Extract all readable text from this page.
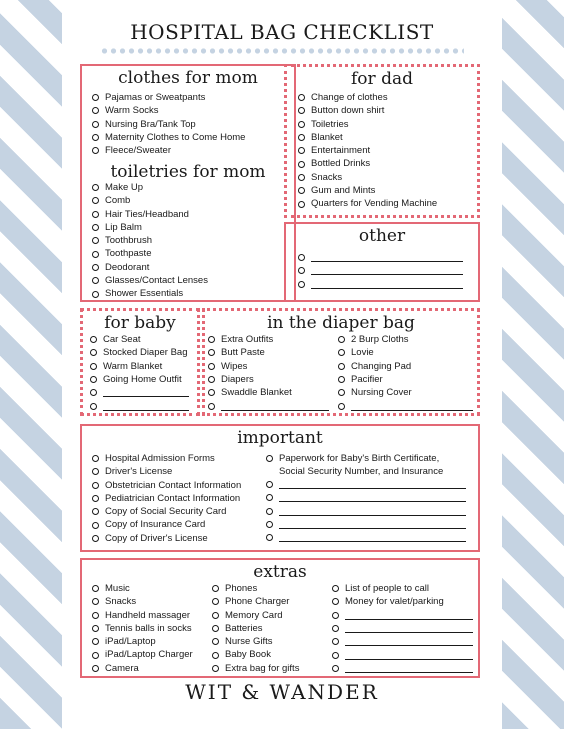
HOSPITAL BAG CHECKLIST
clothes for mom
Pajamas or Sweatpants
Warm Socks
Nursing Bra/Tank Top
Maternity Clothes to Come Home
Fleece/Sweater
toiletries for mom
Make Up
Comb
Hair Ties/Headband
Lip Balm
Toothbrush
Toothpaste
Deodorant
Glasses/Contact Lenses
Shower Essentials
for dad
Change of clothes
Button down shirt
Toiletries
Blanket
Entertainment
Bottled Drinks
Snacks
Gum and Mints
Quarters for Vending Machine
other
for baby
Car Seat
Stocked Diaper Bag
Warm Blanket
Going Home Outfit
in the diaper bag
Extra Outfits
Butt Paste
Wipes
Diapers
Swaddle Blanket
2 Burp Cloths
Lovie
Changing Pad
Pacifier
Nursing Cover
important
Hospital Admission Forms
Driver's License
Obstetrician Contact Information
Pediatrician Contact Information
Copy of Social Security Card
Copy of Insurance Card
Copy of Driver's License
Paperwork for Baby's Birth Certificate, Social Security Number, and Insurance
extras
Music
Snacks
Handheld massager
Tennis balls in socks
iPad/Laptop
iPad/Laptop Charger
Camera
Phones
Phone Charger
Memory Card
Batteries
Nurse Gifts
Baby Book
Extra bag for gifts
List of people to call
Money for valet/parking
WIT & WANDER
